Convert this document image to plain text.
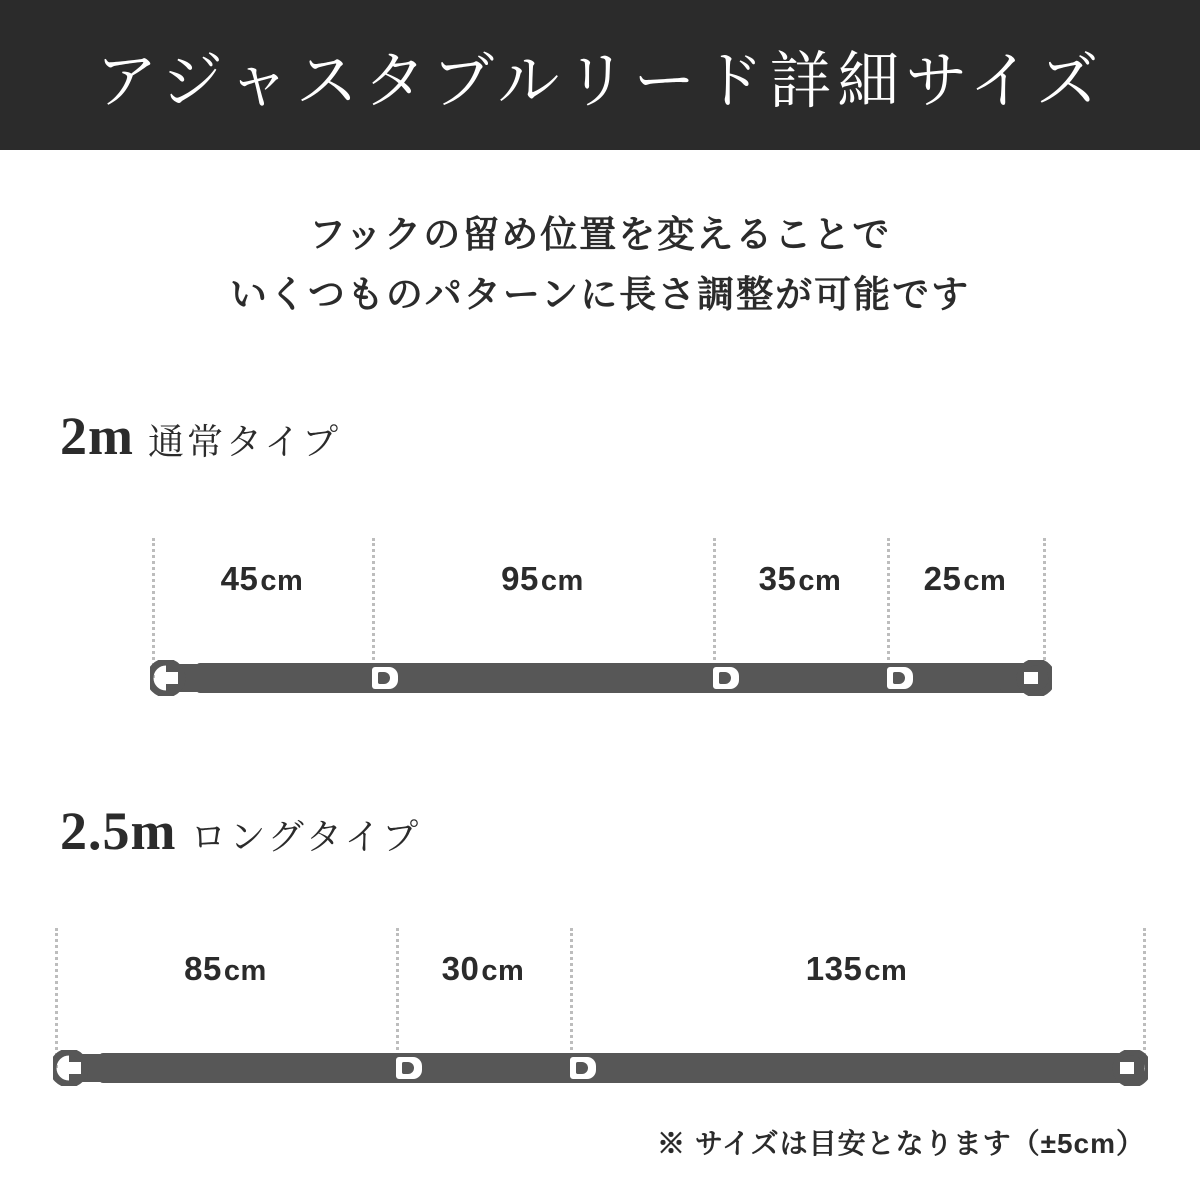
アジャスタブルリード詳細サイズ
フックの留め位置を変えることで
いくつものパターンに長さ調整が可能です
2m 通常タイプ
45cm	95cm	35cm	25cm
2.5m ロングタイプ
85cm	30cm	135cm
※ サイズは目安となります（±5cm）
